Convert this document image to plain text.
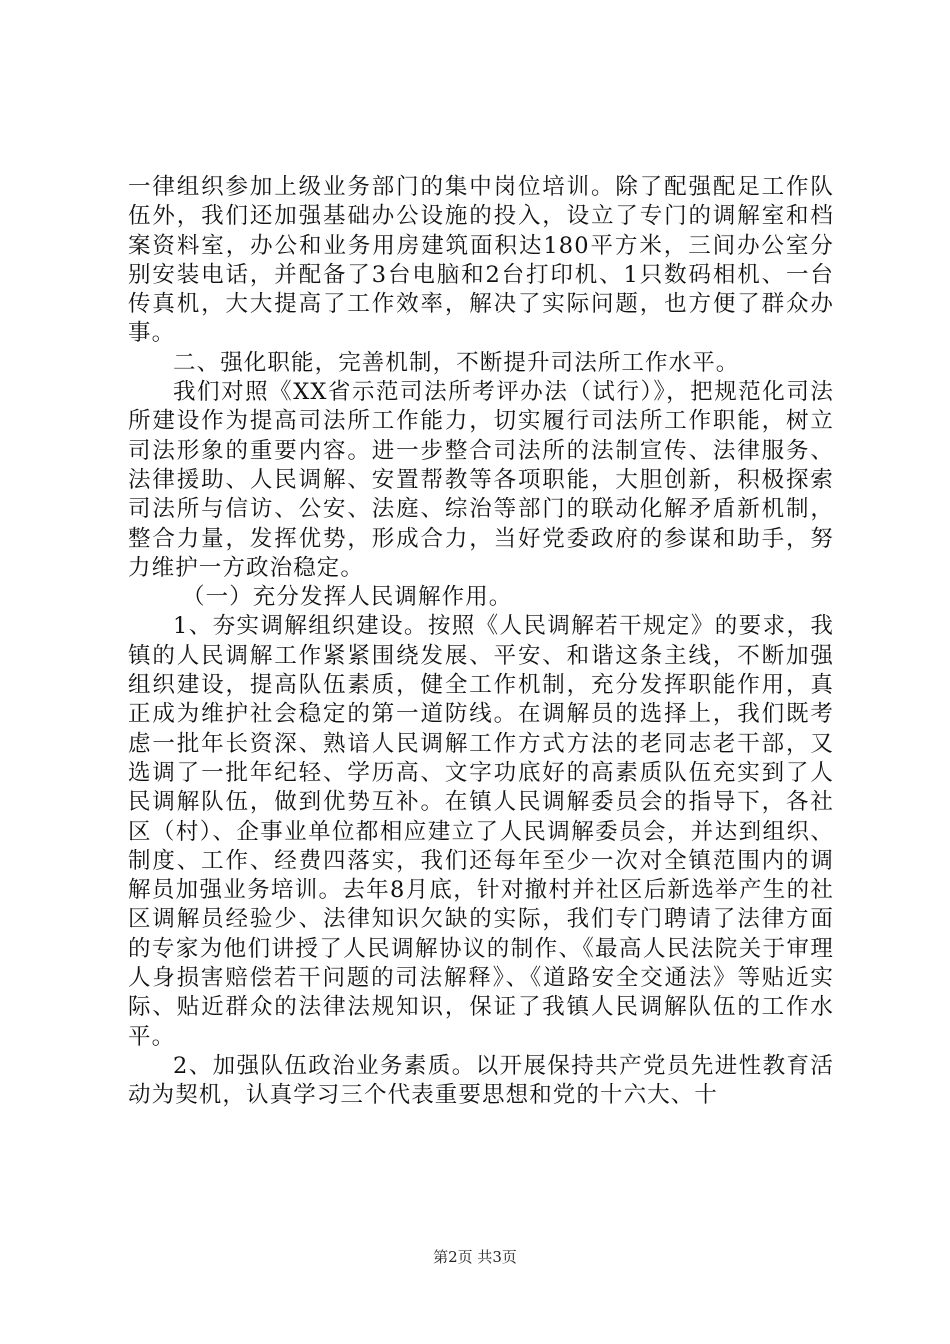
一律组织参加上级业务部门的集中岗位培训。除了配强配足工作队伍外，我们还加强基础办公设施的投入，设立了专门的调解室和档案资料室，办公和业务用房建筑面积达180平方米，三间办公室分别安装电话，并配备了3台电脑和2台打印机、1只数码相机、一台传真机，大大提高了工作效率，解决了实际问题，也方便了群众办事。

二、强化职能，完善机制，不断提升司法所工作水平。

我们对照《XX省示范司法所考评办法（试行）》，把规范化司法所建设作为提高司法所工作能力，切实履行司法所工作职能，树立司法形象的重要内容。进一步整合司法所的法制宣传、法律服务、法律援助、人民调解、安置帮教等各项职能，大胆创新，积极探索司法所与信访、公安、法庭、综治等部门的联动化解矛盾新机制，整合力量，发挥优势，形成合力，当好党委政府的参谋和助手，努力维护一方政治稳定。

（一）充分发挥人民调解作用。

1、夯实调解组织建设。按照《人民调解若干规定》的要求，我镇的人民调解工作紧紧围绕发展、平安、和谐这条主线，不断加强组织建设，提高队伍素质，健全工作机制，充分发挥职能作用，真正成为维护社会稳定的第一道防线。在调解员的选择上，我们既考虑一批年长资深、熟谙人民调解工作方式方法的老同志老干部，又选调了一批年纪轻、学历高、文字功底好的高素质队伍充实到了人民调解队伍，做到优势互补。在镇人民调解委员会的指导下，各社区（村）、企事业单位都相应建立了人民调解委员会，并达到组织、制度、工作、经费四落实，我们还每年至少一次对全镇范围内的调解员加强业务培训。去年8月底，针对撤村并社区后新选举产生的社区调解员经验少、法律知识欠缺的实际，我们专门聘请了法律方面的专家为他们讲授了人民调解协议的制作、《最高人民法院关于审理人身损害赔偿若干问题的司法解释》、《道路安全交通法》等贴近实际、贴近群众的法律法规知识，保证了我镇人民调解队伍的工作水平。

2、加强队伍政治业务素质。以开展保持共产党员先进性教育活动为契机，认真学习三个代表重要思想和党的十六大、十

第2页 共3页
